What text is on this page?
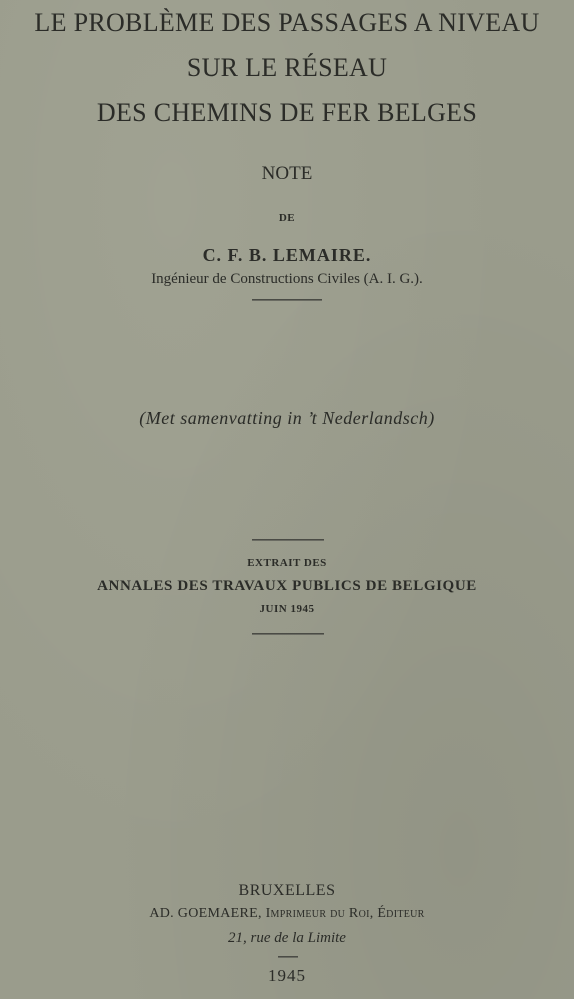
LE PROBLÈME DES PASSAGES A NIVEAU
SUR LE RÉSEAU
DES CHEMINS DE FER BELGES
NOTE
DE
C. F. B. LEMAIRE.
Ingénieur de Constructions Civiles (A. I. G.).
(Met samenvatting in ’t Nederlandsch)
EXTRAIT DES
ANNALES DES TRAVAUX PUBLICS DE BELGIQUE
JUIN 1945
BRUXELLES
AD. GOEMAERE, Imprimeur du Roi, Éditeur
21, rue de la Limite
1945
